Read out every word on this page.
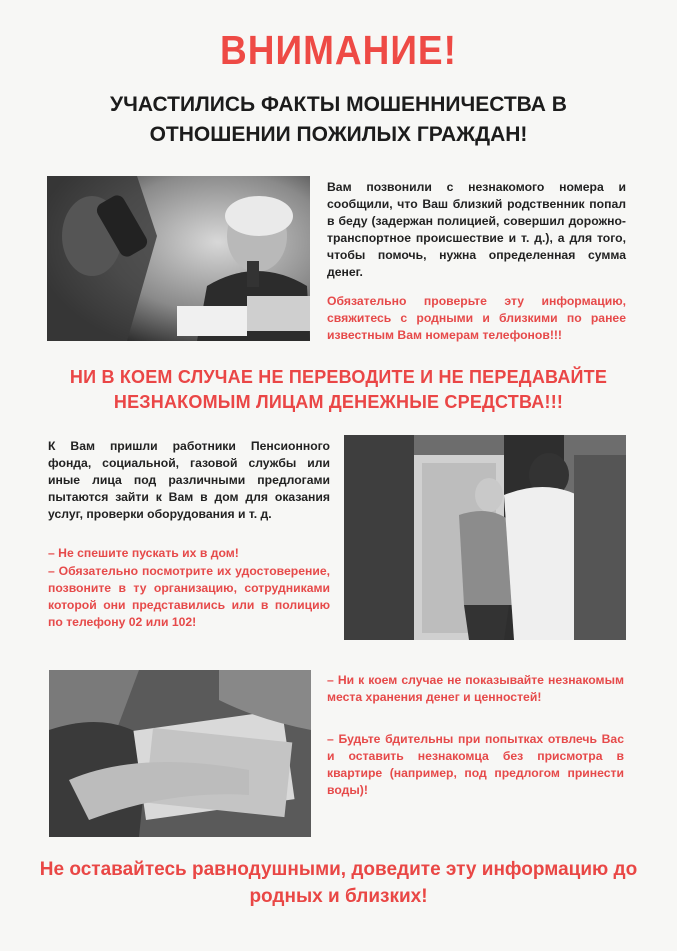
ВНИМАНИЕ!
УЧАСТИЛИСЬ ФАКТЫ МОШЕННИЧЕСТВА В ОТНОШЕНИИ ПОЖИЛЫХ ГРАЖДАН!
Вам позвонили с незнакомого номера и сообщили, что Ваш близкий родственник попал в беду (задержан полицией, совершил дорожно-транспортное происшествие и т. д.), а для того, чтобы помочь, нужна определенная сумма денег.
Обязательно проверьте эту информацию, свяжитесь с родными и близкими по ранее известным Вам номерам телефонов!!!
НИ В КОЕМ СЛУЧАЕ НЕ ПЕРЕВОДИТЕ И НЕ ПЕРЕДАВАЙТЕ НЕЗНАКОМЫМ ЛИЦАМ ДЕНЕЖНЫЕ СРЕДСТВА!!!
К Вам пришли работники Пенсионного фонда, социальной, газовой службы или иные лица под различными предлогами пытаются зайти к Вам в дом для оказания услуг, проверки оборудования и т. д.
– Не спешите пускать их в дом!
– Обязательно посмотрите их удостоверение, позвоните в ту организацию, сотрудниками которой они представились или в полицию по телефону 02 или 102!
– Ни к коем случае не показывайте незнакомым места хранения денег и ценностей!
– Будьте бдительны при попытках отвлечь Вас и оставить незнакомца без присмотра в квартире (например, под предлогом принести воды)!
Не оставайтесь равнодушными, доведите эту информацию до родных и близких!
